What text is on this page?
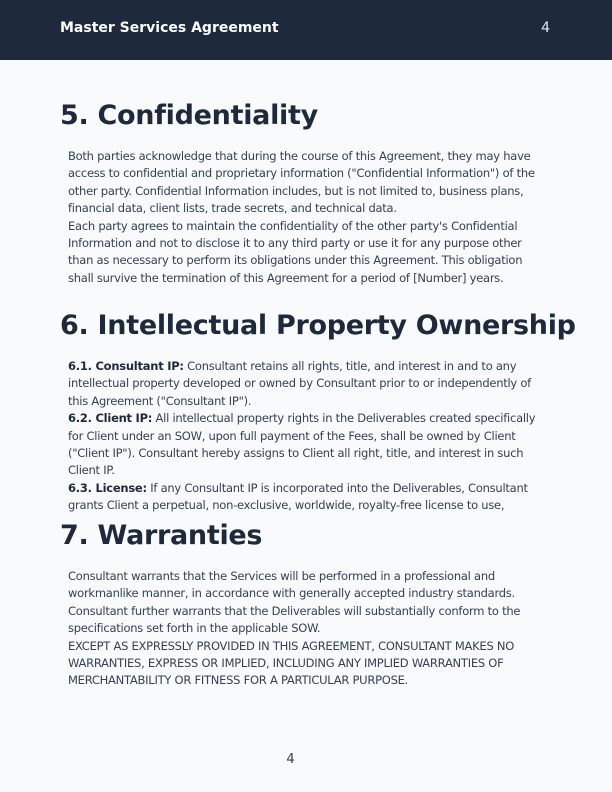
Master Services Agreement	4
5. Confidentiality

Both parties acknowledge that during the course of this Agreement, they may have access to confidential and proprietary information ("Confidential Information") of the other party. Confidential Information includes, but is not limited to, business plans, financial data, client lists, trade secrets, and technical data.

Each party agrees to maintain the confidentiality of the other party's Confidential Information and not to disclose it to any third party or use it for any purpose other than as necessary to perform its obligations under this Agreement. This obligation shall survive the termination of this Agreement for a period of [Number] years.

6. Intellectual Property Ownership

6.1. Consultant IP: Consultant retains all rights, title, and interest in and to any intellectual property developed or owned by Consultant prior to or independently of this Agreement ("Consultant IP").

6.2. Client IP: All intellectual property rights in the Deliverables created specifically for Client under an SOW, upon full payment of the Fees, shall be owned by Client ("Client IP"). Consultant hereby assigns to Client all right, title, and interest in such Client IP.

6.3. License: If any Consultant IP is incorporated into the Deliverables, Consultant grants Client a perpetual, non-exclusive, worldwide, royalty-free license to use,

7. Warranties

Consultant warrants that the Services will be performed in a professional and workmanlike manner, in accordance with generally accepted industry standards.

Consultant further warrants that the Deliverables will substantially conform to the specifications set forth in the applicable SOW.

EXCEPT AS EXPRESSLY PROVIDED IN THIS AGREEMENT, CONSULTANT MAKES NO WARRANTIES, EXPRESS OR IMPLIED, INCLUDING ANY IMPLIED WARRANTIES OF MERCHANTABILITY OR FITNESS FOR A PARTICULAR PURPOSE.

4
